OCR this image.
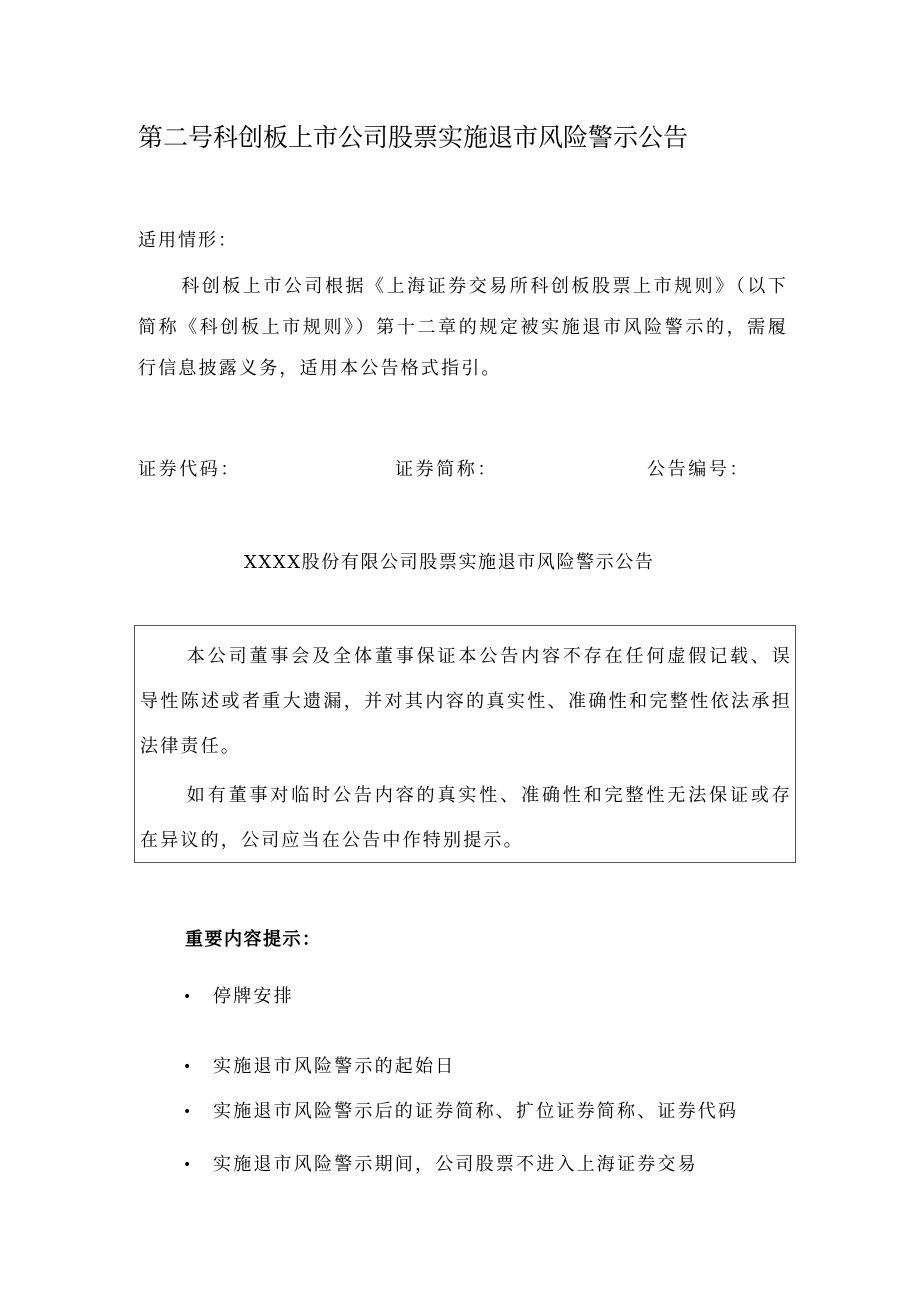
第二号科创板上市公司股票实施退市风险警示公告
适用情形：
科创板上市公司根据《上海证券交易所科创板股票上市规则》（以下简称《科创板上市规则》）第十二章的规定被实施退市风险警示的，需履行信息披露义务，适用本公告格式指引。
证券代码：	证券简称：	公告编号：
XXXX股份有限公司股票实施退市风险警示公告
本公司董事会及全体董事保证本公告内容不存在任何虚假记载、误导性陈述或者重大遗漏，并对其内容的真实性、准确性和完整性依法承担法律责任。
如有董事对临时公告内容的真实性、准确性和完整性无法保证或存在异议的，公司应当在公告中作特别提示。
重要内容提示：
• 停牌安排
• 实施退市风险警示的起始日
• 实施退市风险警示后的证券简称、扩位证券简称、证券代码
• 实施退市风险警示期间，公司股票不进入上海证券交易
